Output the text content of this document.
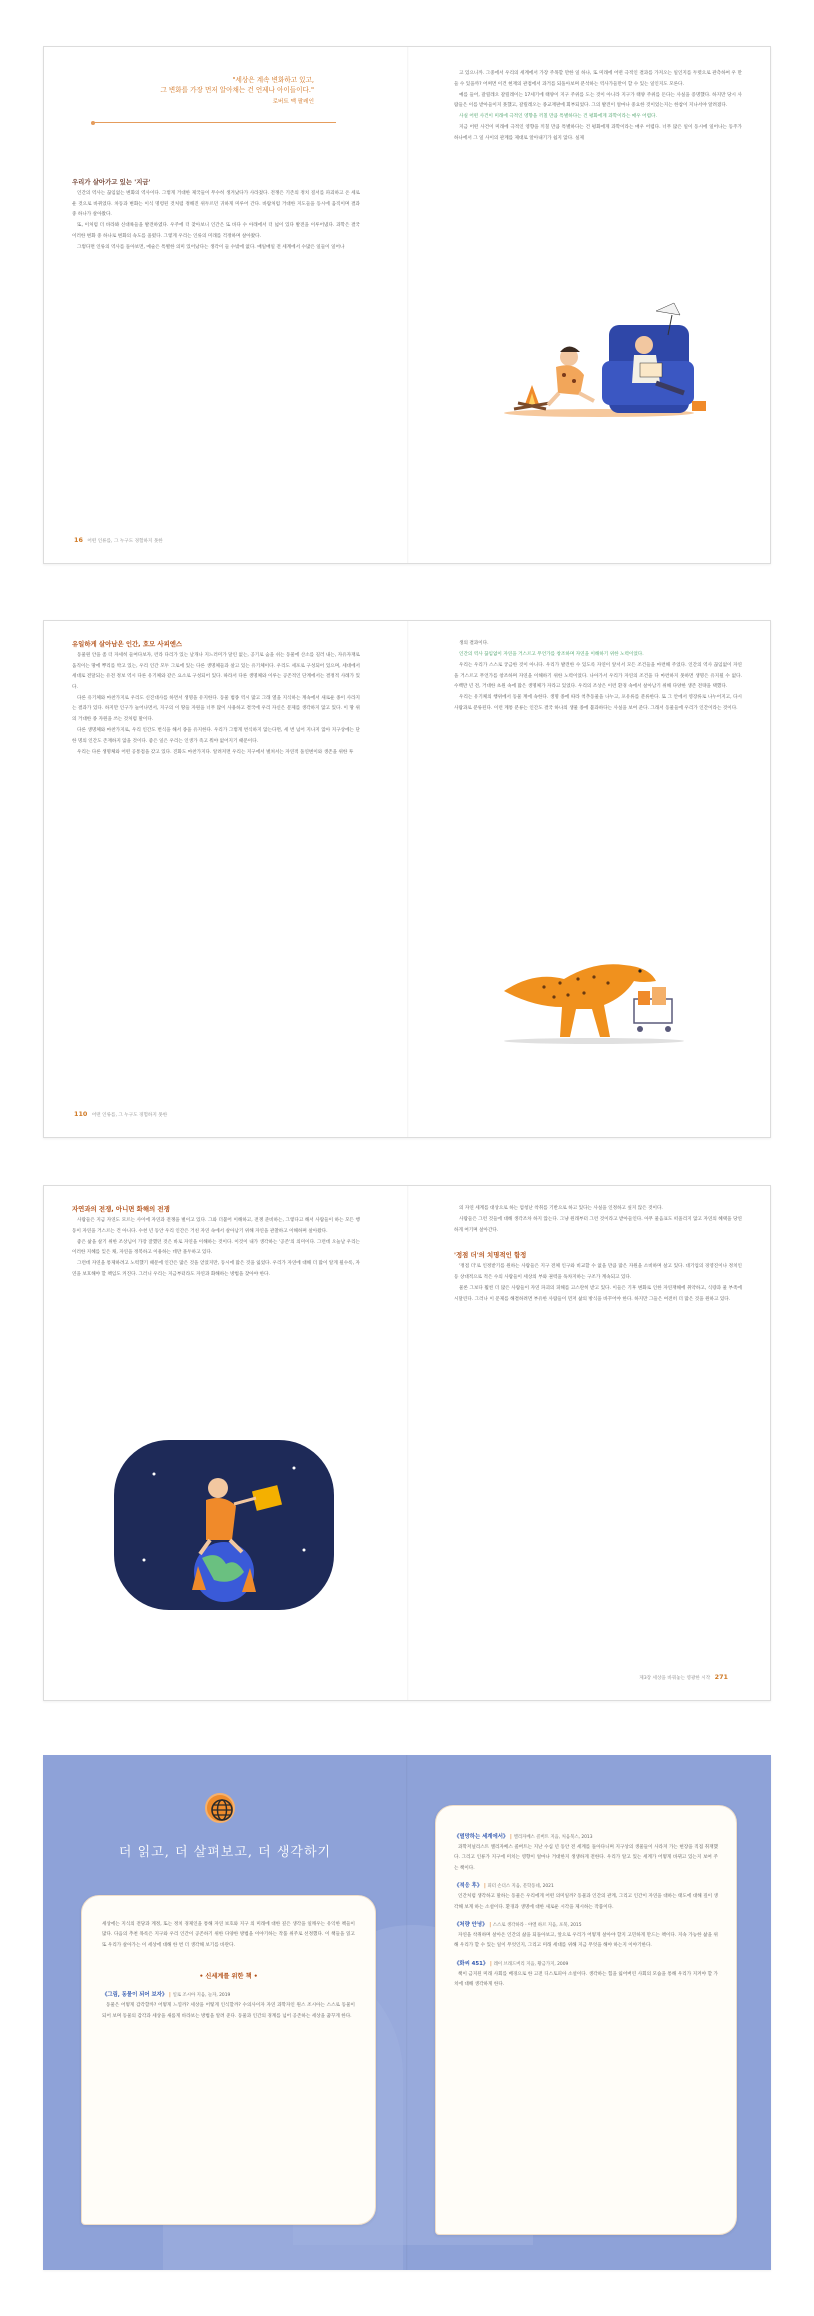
"세상은 계속 변화하고 있고,
그 변화를 가장 먼저 알아채는 건 언제나 아이들이다."
로버트 맥 팔레인
우리가 살아가고 있는 '지금'

인간의 역사는 끊임없는 변화의 역사이다. 그렇게 거대한 제국들이 무수히 생겨났다가 사라졌다. 전쟁은 기존의 정치 질서를 파괴하고 온 세로운 것으로 바뀌었다. 차동과 변화는 이식 명령된 것처럼 정해진 위두르던 귀하게 미루어 간다. 바람처럼 거대한 지도들을 동시에 움직이며 결과 중 하나가 살아왔다.

또, 이처럼 더 바라봐 신대륙들을 발견하였다. 우주에 더 찾아보니 인간은 또 바다 수 아래에서 더 넓이 있다 발전을 이루어냈다. 과학은 결국 이러한 변화 중 하나로 변화의 속도를 올렸다. 그렇게 우리는 인류의 미래를 걱정하며 살아왔다.

그렇다면 인류의 역사를 돌아보면, 예술은 특별한 의미 있어났다는 생각이 들 수밖에 없다. 매일매일 전 세계에서 수많은 일들이 일어나

고 있으니까. 그중에서 우리의 세계에서 가장 주목할 만한 일 하나, 또 미래에 어떤 극적인 결과를 가져오는 일인지를 두렷으로 관측하여 우 만들 수 있을까? 어쩌면 이건 현재의 관점에서 과거를 되돌아보며 분석하는 역사가들만이 할 수 있는 일인지도 모른다.

예를 들어, 갈릴레오 갈릴레이는 17세기에 태양이 지구 주위를 도는 것이 아니라 지구가 태양 주위를 돈다는 사실을 증명했다. 하지만 당시 사람들은 이를 받아들이지 못했고, 갈릴레오는 종교재판에 회부되었다. 그의 발견이 얼마나 중요한 것이었는지는 한참이 지나서야 알려졌다.

사실 어떤 사건이 미래에 극적인 영향을 끼칠 만큼 특별하다는 건 평화에게 과학이라는 매우 어렵다.

지금 어떤 사건이 미래에 극적인 영향을 끼칠 만큼 특별하다는 건 평화에게 과학이라는 매우 어렵다. 너무 많은 일이 동시에 일어나는 동주가 하나에서 그 일 사이의 관계를 제대로 알아내기가 쉽지 않다. 실제

16 어떤 인류를, 그 누구도 경험하지 못한
유일하게 살아남은 인간, 호모 사피엔스

동물원 안을 좀 더 자세히 들여다보자, 런라 다리가 있는 날개나 지느러미가 달린 없는, 공기로 숨을 쉬는 동물에 산소를 길러 내는, 자유자재로 움직이는 땅에 뿌리를 박고 있는, 우리 인간 모두 그로에 있는 다른 생명체들과 살고 있는 유기체이다. 우리도 세포로 구성되어 있으며, 세대에서 세대로 전달되는 유전 정보 역시 다른 유기체와 같은 요소로 구성되어 있다. 따라서 다른 생명체와 이루는 공존적인 단계에서는 결정적 사례가 있다.

다른 유기체와 마찬가지로 우리도 신진대사를 하면서 생명을 유지한다. 동물 범종 역시 많고 그래 열을 지식하는 계속에서 새로운 종이 사라지는 결과가 있다. 하지만 인구가 늘어나면서, 지구의 이 땅들 자원을 너무 많이 사용하고 결국에 우리 자신은 문제를 생각하지 않고 있다. 이 땅 위의 거대한 종 자원을 쓰는 것처럼 말이다.

다른 생명체와 마찬가지로, 우리 인간도 번식을 해서 종을 유지한다. 우리가 그렇게 번식하지 않는다면, 세 번 넘어 지나지 않아 지구상에는 단 한 명의 인간도 존재하지 않을 것이다. 좋은 일은 우리는 인생가 즉고 뭐야 없어지기 때문이다.

우리는 다른 생명체와 어떤 공통점을 갖고 있다. 진화도 마찬가지다. 알려져면 우리는 지구에서 벌쳐서는 자연적 돌연변이와 생존을 위한 투

생의 결과이다.

인간의 역사 끊임없이 자연을 거스르고 무언가를 창조하며 자연을 이해하기 위한 노력이었다.

우리는 우리가 스스로 궁금한 것이 아니다. 우리가 발견한 수 있도록 자연이 앞서서 모든 조건들을 마련해 주었다. 인간의 역사 끊임없이 자연을 거스르고 무언가를 창조하며 자연을 이해하기 위한 노력이었다. 나아가서 우리가 자연의 조건을 다 마련하지 못하면 생명은 유지될 수 없다. 수백만 년 전, 거대한 초원 속에 많은 생명체가 자라고 있었다. 우리의 조상은 이런 환경 속에서 살아남기 위해 다양한 생존 전략을 택했다.

우리는 유기체의 행위에서 동물 계에 속한다. 생명 종에 따라 척추동물을 나누고, 포유류를 분류한다. 또 그 안에서 영장류로 나누어지고, 다시 사람과로 분류된다. 이런 계통 분류는 인간도 결국 하나의 생물 종에 불과하다는 사실을 보여 준다. 그래서 동물들에 우리가 인간이라는 것이다.

110 어떤 인류를, 그 누구도 경험하지 못한
자연과의 전쟁, 아니면 화해의 전쟁

사람들은 지금 자연도 모르는 사이에 자연과 전쟁을 벌이고 있다. 그와 더불어 이해하고, 전쟁 준비하는, 그렇다고 해서 사람들이 하는 모든 행동이 자연을 거스르는 건 아니다. 수천 년 동안 우리 인간은 거친 자연 속에서 살아남기 위해 자연을 관찰하고 이해하며 살아왔다.

좋은 삶을 살기 위한 조상님이 가장 잘했던 것은 바로 자연을 이해하는 것이다. 이것이 내가 생각하는 '공존'의 의미이다. 그런데 오늘날 우리는 이러한 지혜를 잊은 채, 자연을 정복하고 이용하는 데만 몰두하고 있다.

그런데 자연을 통제하려고 노력했기 때문에 인간은 많은 것을 얻었지만, 동시에 많은 것을 잃었다. 우리가 자연에 대해 더 많이 알게 될수록, 자연을 보호해야 할 책임도 커진다. 그러니 우리는 지금부터라도 자연과 화해하는 방법을 찾아야 한다.

의 자연 세계를 대상으로 하는 엄청난 착취를 기반으로 하고 있다는 사실을 인정하고 싶지 않은 것이다.

사람들은 그런 것들에 대해 생각조차 하지 않는다. 그냥 원래부터 그런 것이라고 받아들인다. 아무 물음표도 떠올리지 않고 자연의 혜택을 당연하게 여기며 살아간다.

'정점 더'의 치명적인 함정

'정점 더'로 인정받기를 원하는 사람들은 지구 전체 인구와 비교할 수 없을 만큼 많은 자원을 소비하며 살고 있다. 대기업의 경영진이나 정치인 등 상대적으로 적은 수의 사람들이 세상의 부와 권력을 독차지하는 구조가 계속되고 있다.

물론 그보다 훨씬 더 많은 사람들이 자연 파괴의 피해를 고스란히 받고 있다. 이들은 기후 변화로 인한 자연재해에 취약하고, 식량과 물 부족에 시달린다. 그러나 이 문제를 해결하려면 부유한 사람들이 먼저 삶의 방식을 바꾸어야 한다. 하지만 그들은 여전히 더 많은 것을 원하고 있다.

제3장 세상을 바꿔놓는 영광한 시작 271
더 읽고, 더 살펴보고, 더 생각하기

세상에는 지식의 전당과 계정, 또는 정치 경제인을 통해 자연 보호와 지구 의 미래에 대한 깊은 생각을 일깨우는 유익한 책들이 많다. 다음의 추천 목록은 지구와 우리 인간이 공존하기 위한 다양한 방법을 이야기하는 작품 위주로 선정했다. 이 책들을 읽고 또 우리가 살아가는 이 세상에 대해 한 번 더 생각해 보기를 바란다.

• 신세계를 위한 책 •
《그림, 동물이 되어 보자》 | 일로 조시아 지음, 놀자, 2019

동물은 어떻게 감각할까? 어떻게 느낄까? 세상을 어떻게 인식할까? 수의사이자 자연 과학자인 원스 조시아는 스스로 동물이 되어 보며 동물의 감각과 세상을 새롭게 바라보는 방법을 알려 준다. 동물과 인간의 경계를 넘어 공존하는 세상을 꿈꾸게 한다.

《멸망하는 세계에서》 | 엘리자베스 콜버트 지음, 처음북스, 2013

과학저널리스트 엘리자베스 콜버트는 지난 수십 년 동안 전 세계를 돌아다니며 지구상의 생물들이 사라져 가는 현장을 직접 취재했다. 그리고 인류가 지구에 미치는 영향이 얼마나 거대한지 생생하게 전한다. 우리가 알고 있는 세계가 어떻게 바뀌고 있는지 보여 주는 책이다.

《적응 후》 | 피터 손더스 지음, 문학동네, 2021

인간처럼 생각하고 말하는 동물은 우리에게 어떤 의미일까? 동물과 인간의 관계, 그리고 인간이 자연을 대하는 태도에 대해 깊이 생각해 보게 하는 소설이다. 환경과 생명에 대한 새로운 시각을 제시하는 작품이다.

《처량 안녕》 | 스스로 생각하라 · 야엘 하르 지음, 포북, 2015

자연을 착취하며 살아온 인간의 삶을 되돌아보고, 앞으로 우리가 어떻게 살아야 할지 고민하게 만드는 책이다. 지속 가능한 삶을 위해 우리가 할 수 있는 일이 무엇인지, 그리고 미래 세대를 위해 지금 무엇을 해야 하는지 이야기한다.

《화씨 451》 | 레이 브래드버리 지음, 황금가지, 2009

책이 금지된 미래 사회를 배경으로 한 고전 디스토피아 소설이다. 생각하는 힘을 잃어버린 사회의 모습을 통해 우리가 지켜야 할 가치에 대해 생각하게 한다.
